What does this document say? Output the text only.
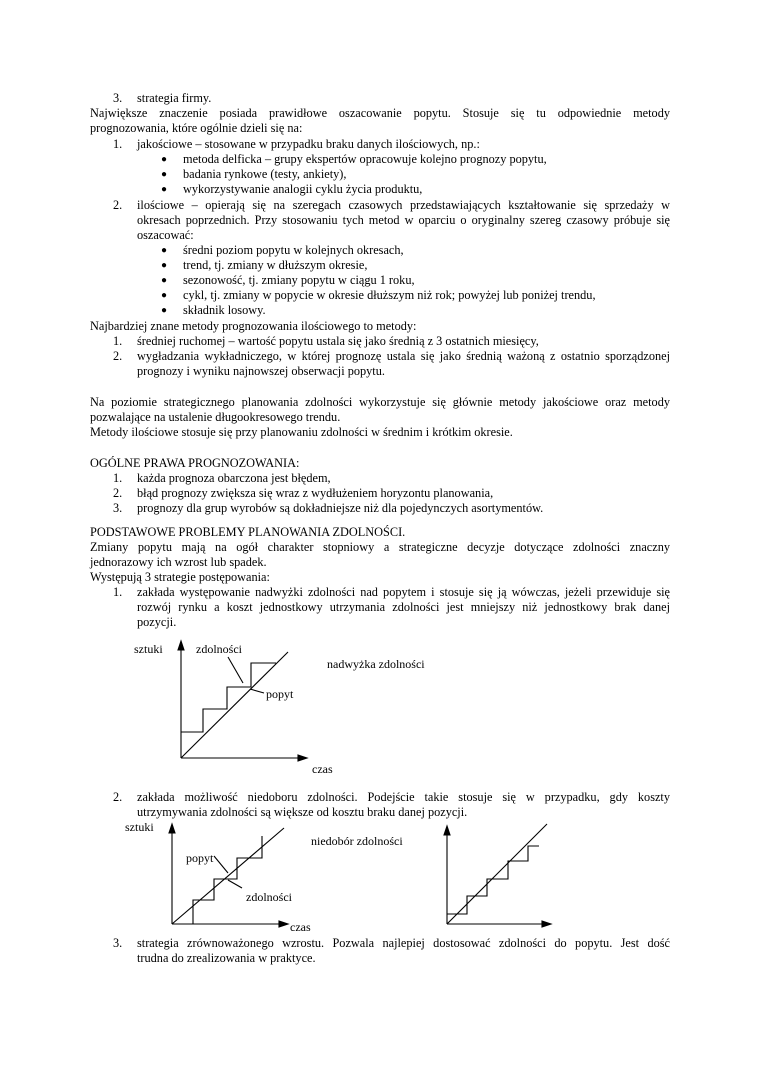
3. strategia firmy.
Największe znaczenie posiada prawidłowe oszacowanie popytu. Stosuje się tu odpowiednie metody
prognozowania, które ogólnie dzieli się na:
1. jakościowe – stosowane w przypadku braku danych ilościowych, np.:
● metoda delficka – grupy ekspertów opracowuje kolejno prognozy popytu,
● badania rynkowe (testy, ankiety),
● wykorzystywanie analogii cyklu życia produktu,
2. ilościowe – opierają się na szeregach czasowych przedstawiających kształtowanie się sprzedaży w
okresach poprzednich. Przy stosowaniu tych metod w oparciu o oryginalny szereg czasowy próbuje się
oszacować:
● średni poziom popytu w kolejnych okresach,
● trend, tj. zmiany w dłuższym okresie,
● sezonowość, tj. zmiany popytu w ciągu 1 roku,
● cykl, tj. zmiany w popycie w okresie dłuższym niż rok; powyżej lub poniżej trendu,
● składnik losowy.
Najbardziej znane metody prognozowania ilościowego to metody:
1. średniej ruchomej – wartość popytu ustala się jako średnią z 3 ostatnich miesięcy,
2. wygładzania wykładniczego, w której prognozę ustala się jako średnią ważoną z ostatnio sporządzonej
prognozy i wyniku najnowszej obserwacji popytu.
Na poziomie strategicznego planowania zdolności wykorzystuje się głównie metody jakościowe oraz metody
pozwalające na ustalenie długookresowego trendu.
Metody ilościowe stosuje się przy planowaniu zdolności w średnim i krótkim okresie.
OGÓLNE PRAWA PROGNOZOWANIA:
1. każda prognoza obarczona jest błędem,
2. błąd prognozy zwiększa się wraz z wydłużeniem horyzontu planowania,
3. prognozy dla grup wyrobów są dokładniejsze niż dla pojedynczych asortymentów.
PODSTAWOWE PROBLEMY PLANOWANIA ZDOLNOŚCI.
Zmiany popytu mają na ogół charakter stopniowy a strategiczne decyzje dotyczące zdolności znaczny
jednorazowy ich wzrost lub spadek.
Występują 3 strategie postępowania:
1. zakłada występowanie nadwyżki zdolności nad popytem i stosuje się ją wówczas, jeżeli przewiduje się
rozwój rynku a koszt jednostkowy utrzymania zdolności jest mniejszy niż jednostkowy brak danej
pozycji.
sztuki	zdolności
nadwyżka zdolności
popyt
czas
2. zakłada możliwość niedoboru zdolności. Podejście takie stosuje się w przypadku, gdy koszty
utrzymywania zdolności są większe od kosztu braku danej pozycji.
sztuki
niedobór zdolności
popyt
zdolności
czas
3. strategia zrównoważonego wzrostu. Pozwala najlepiej dostosować zdolności do popytu. Jest dość
trudna do zrealizowania w praktyce.
